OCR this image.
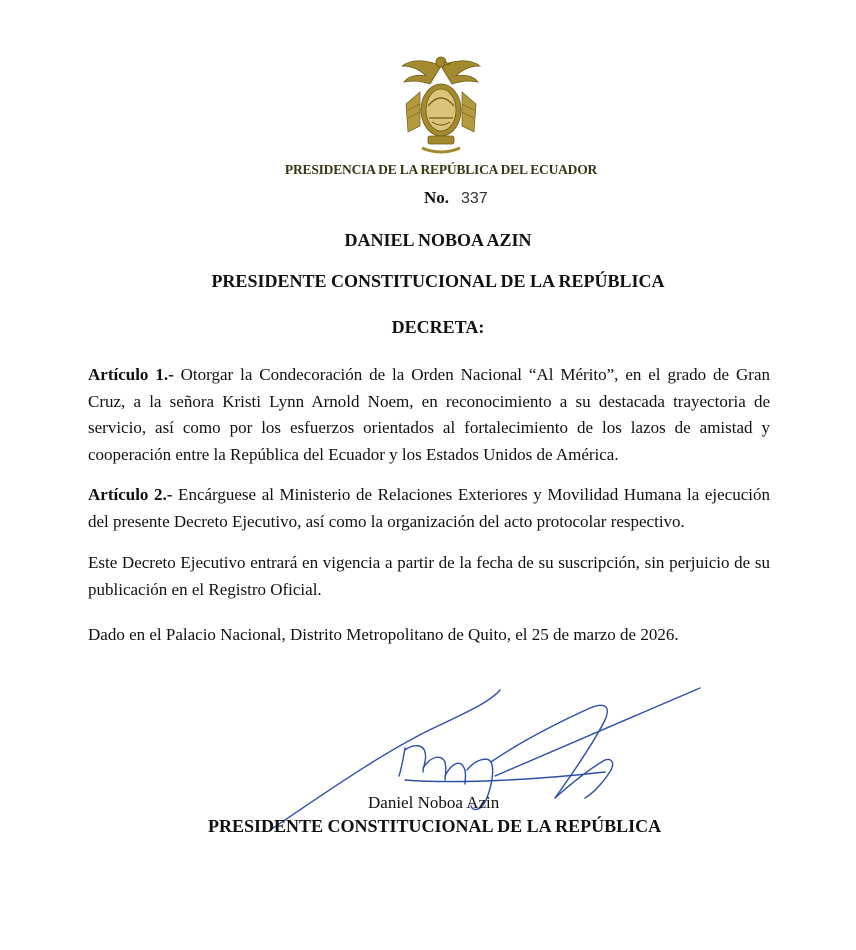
PRESIDENCIA DE LA REPÚBLICA DEL ECUADOR
No. 337
DANIEL NOBOA AZIN
PRESIDENTE CONSTITUCIONAL DE LA REPÚBLICA
DECRETA:

Artículo 1.- Otorgar la Condecoración de la Orden Nacional “Al Mérito”, en el grado de Gran Cruz, a la señora Kristi Lynn Arnold Noem, en reconocimiento a su destacada trayectoria de servicio, así como por los esfuerzos orientados al fortalecimiento de los lazos de amistad y cooperación entre la República del Ecuador y los Estados Unidos de América.

Artículo 2.- Encárguese al Ministerio de Relaciones Exteriores y Movilidad Humana la ejecución del presente Decreto Ejecutivo, así como la organización del acto protocolar respectivo.

Este Decreto Ejecutivo entrará en vigencia a partir de la fecha de su suscripción, sin perjuicio de su publicación en el Registro Oficial.

Dado en el Palacio Nacional, Distrito Metropolitano de Quito, el 25 de marzo de 2026.

Daniel Noboa Azin
PRESIDENTE CONSTITUCIONAL DE LA REPÚBLICA
